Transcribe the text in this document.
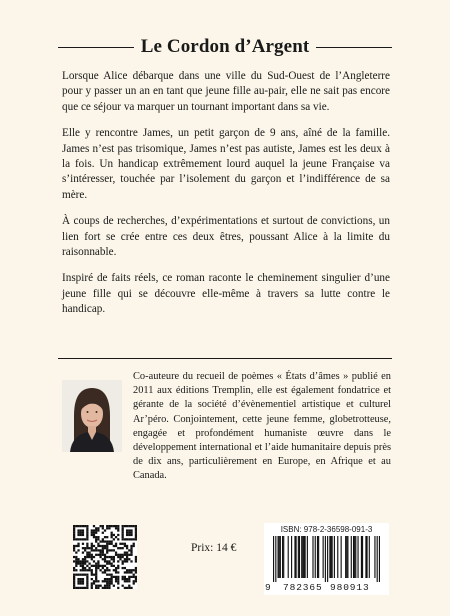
Le Cordon d’Argent

Lorsque Alice débarque dans une ville du Sud-Ouest de l’Angleterre pour y passer un an en tant que jeune fille au-pair, elle ne sait pas encore que ce séjour va marquer un tournant important dans sa vie.

Elle y rencontre James, un petit garçon de 9 ans, aîné de la famille. James n’est pas trisomique, James n’est pas autiste, James est les deux à la fois. Un handicap extrêmement lourd auquel la jeune Française va s’intéresser, touchée par l’isolement du garçon et l’indifférence de sa mère.

À coups de recherches, d’expérimentations et surtout de convictions, un lien fort se crée entre ces deux êtres, poussant Alice à la limite du raisonnable.

Inspiré de faits réels, ce roman raconte le cheminement singulier d’une jeune fille qui se découvre elle-même à travers sa lutte contre le handicap.

Co-auteure du recueil de poèmes « États d’âmes » publié en 2011 aux éditions Tremplin, elle est également fondatrice et gérante de la société d’évènementiel artistique et culturel Ar’péro. Conjointement, cette jeune femme, globetrotteuse, engagée et profondément humaniste œuvre dans le développement international et l’aide humanitaire depuis près de dix ans, particulièrement en Europe, en Afrique et au Canada.

Prix: 14 €
ISBN: 978-2-36598-091-3
9 782365 980913
